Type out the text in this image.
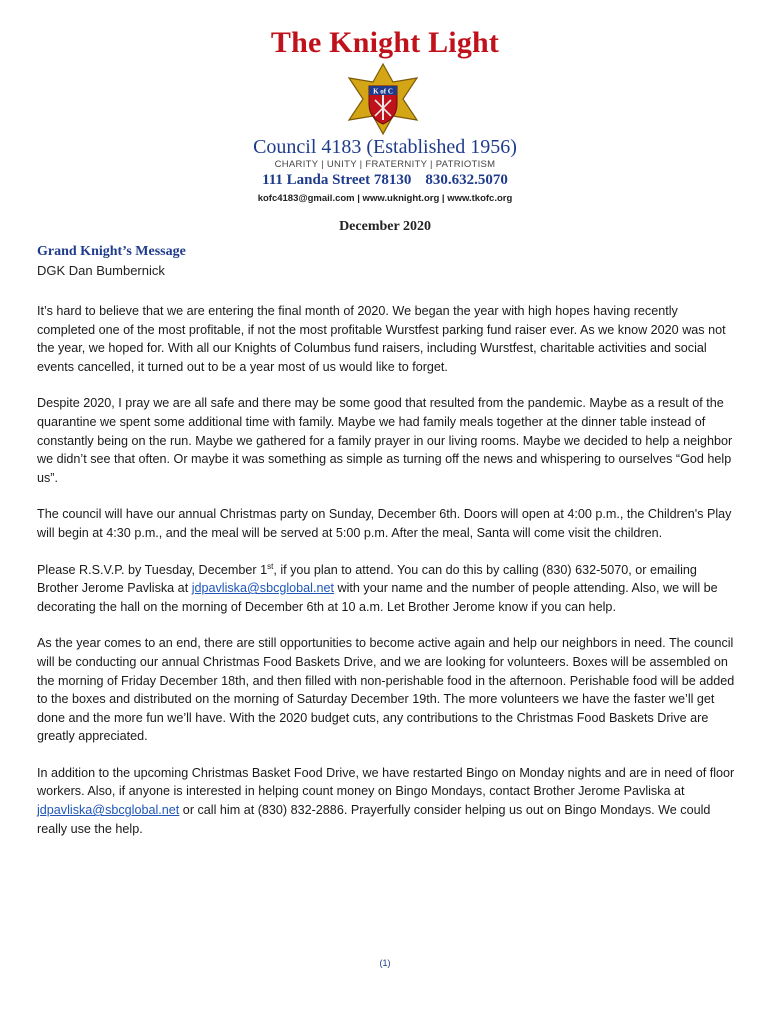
The Knight Light
K of C
Council 4183 (Established 1956)
CHARITY | UNITY | FRATERNITY | PATRIOTISM
111 Landa Street 78130 830.632.5070
kofc4183@gmail.com | www.uknight.org | www.tkofc.org
December 2020
Grand Knight’s Message
DGK Dan Bumbernick

It’s hard to believe that we are entering the final month of 2020. We began the year with high hopes having recently completed one of the most profitable, if not the most profitable Wurstfest parking fund raiser ever. As we know 2020 was not the year, we hoped for. With all our Knights of Columbus fund raisers, including Wurstfest, charitable activities and social events cancelled, it turned out to be a year most of us would like to forget.

Despite 2020, I pray we are all safe and there may be some good that resulted from the pandemic. Maybe as a result of the quarantine we spent some additional time with family. Maybe we had family meals together at the dinner table instead of constantly being on the run. Maybe we gathered for a family prayer in our living rooms. Maybe we decided to help a neighbor we didn’t see that often. Or maybe it was something as simple as turning off the news and whispering to ourselves “God help us”.

The council will have our annual Christmas party on Sunday, December 6th. Doors will open at 4:00 p.m., the Children's Play will begin at 4:30 p.m., and the meal will be served at 5:00 p.m. After the meal, Santa will come visit the children.

Please R.S.V.P. by Tuesday, December 1st, if you plan to attend. You can do this by calling (830) 632-5070, or emailing Brother Jerome Pavliska at jdpavliska@sbcglobal.net with your name and the number of people attending. Also, we will be decorating the hall on the morning of December 6th at 10 a.m. Let Brother Jerome know if you can help.

As the year comes to an end, there are still opportunities to become active again and help our neighbors in need. The council will be conducting our annual Christmas Food Baskets Drive, and we are looking for volunteers. Boxes will be assembled on the morning of Friday December 18th, and then filled with non-perishable food in the afternoon. Perishable food will be added to the boxes and distributed on the morning of Saturday December 19th. The more volunteers we have the faster we’ll get done and the more fun we’ll have. With the 2020 budget cuts, any contributions to the Christmas Food Baskets Drive are greatly appreciated.

In addition to the upcoming Christmas Basket Food Drive, we have restarted Bingo on Monday nights and are in need of floor workers. Also, if anyone is interested in helping count money on Bingo Mondays, contact Brother Jerome Pavliska at jdpavliska@sbcglobal.net or call him at (830) 832-2886. Prayerfully consider helping us out on Bingo Mondays. We could really use the help.

(1)
